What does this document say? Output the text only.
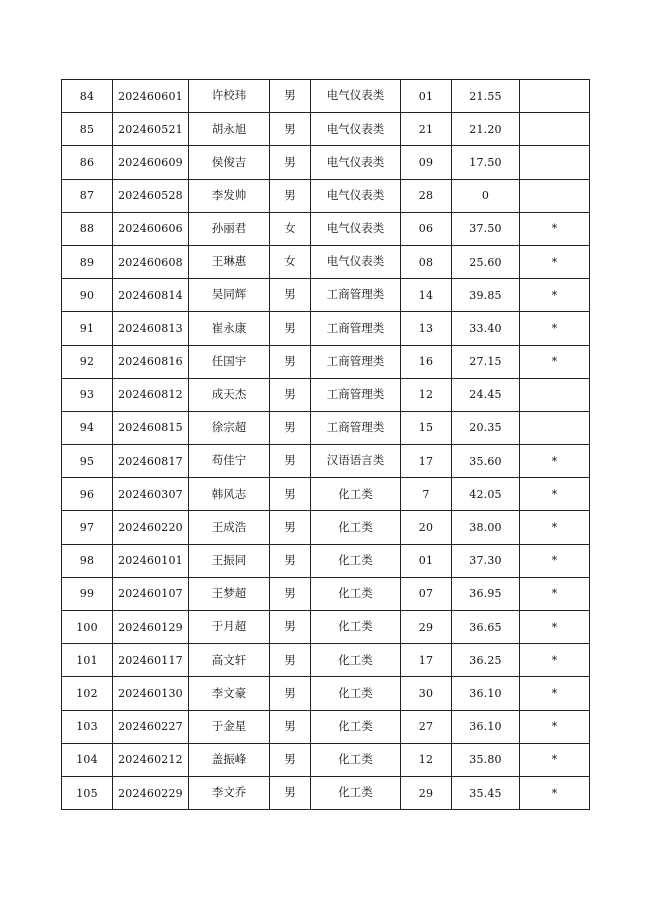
84	202460601	许校玮	男	电气仪表类	01	21.55	
85	202460521	胡永旭	男	电气仪表类	21	21.20	
86	202460609	侯俊吉	男	电气仪表类	09	17.50	
87	202460528	李发帅	男	电气仪表类	28	0	
88	202460606	孙丽君	女	电气仪表类	06	37.50	*
89	202460608	王琳惠	女	电气仪表类	08	25.60	*
90	202460814	吴同辉	男	工商管理类	14	39.85	*
91	202460813	崔永康	男	工商管理类	13	33.40	*
92	202460816	任国宇	男	工商管理类	16	27.15	*
93	202460812	成天杰	男	工商管理类	12	24.45	
94	202460815	徐宗超	男	工商管理类	15	20.35	
95	202460817	苟佳宁	男	汉语语言类	17	35.60	*
96	202460307	韩风志	男	化工类	7	42.05	*
97	202460220	王成浩	男	化工类	20	38.00	*
98	202460101	王振同	男	化工类	01	37.30	*
99	202460107	王梦超	男	化工类	07	36.95	*
100	202460129	于月超	男	化工类	29	36.65	*
101	202460117	高文轩	男	化工类	17	36.25	*
102	202460130	李文豪	男	化工类	30	36.10	*
103	202460227	于金星	男	化工类	27	36.10	*
104	202460212	盖振峰	男	化工类	12	35.80	*
105	202460229	李文乔	男	化工类	29	35.45	*
